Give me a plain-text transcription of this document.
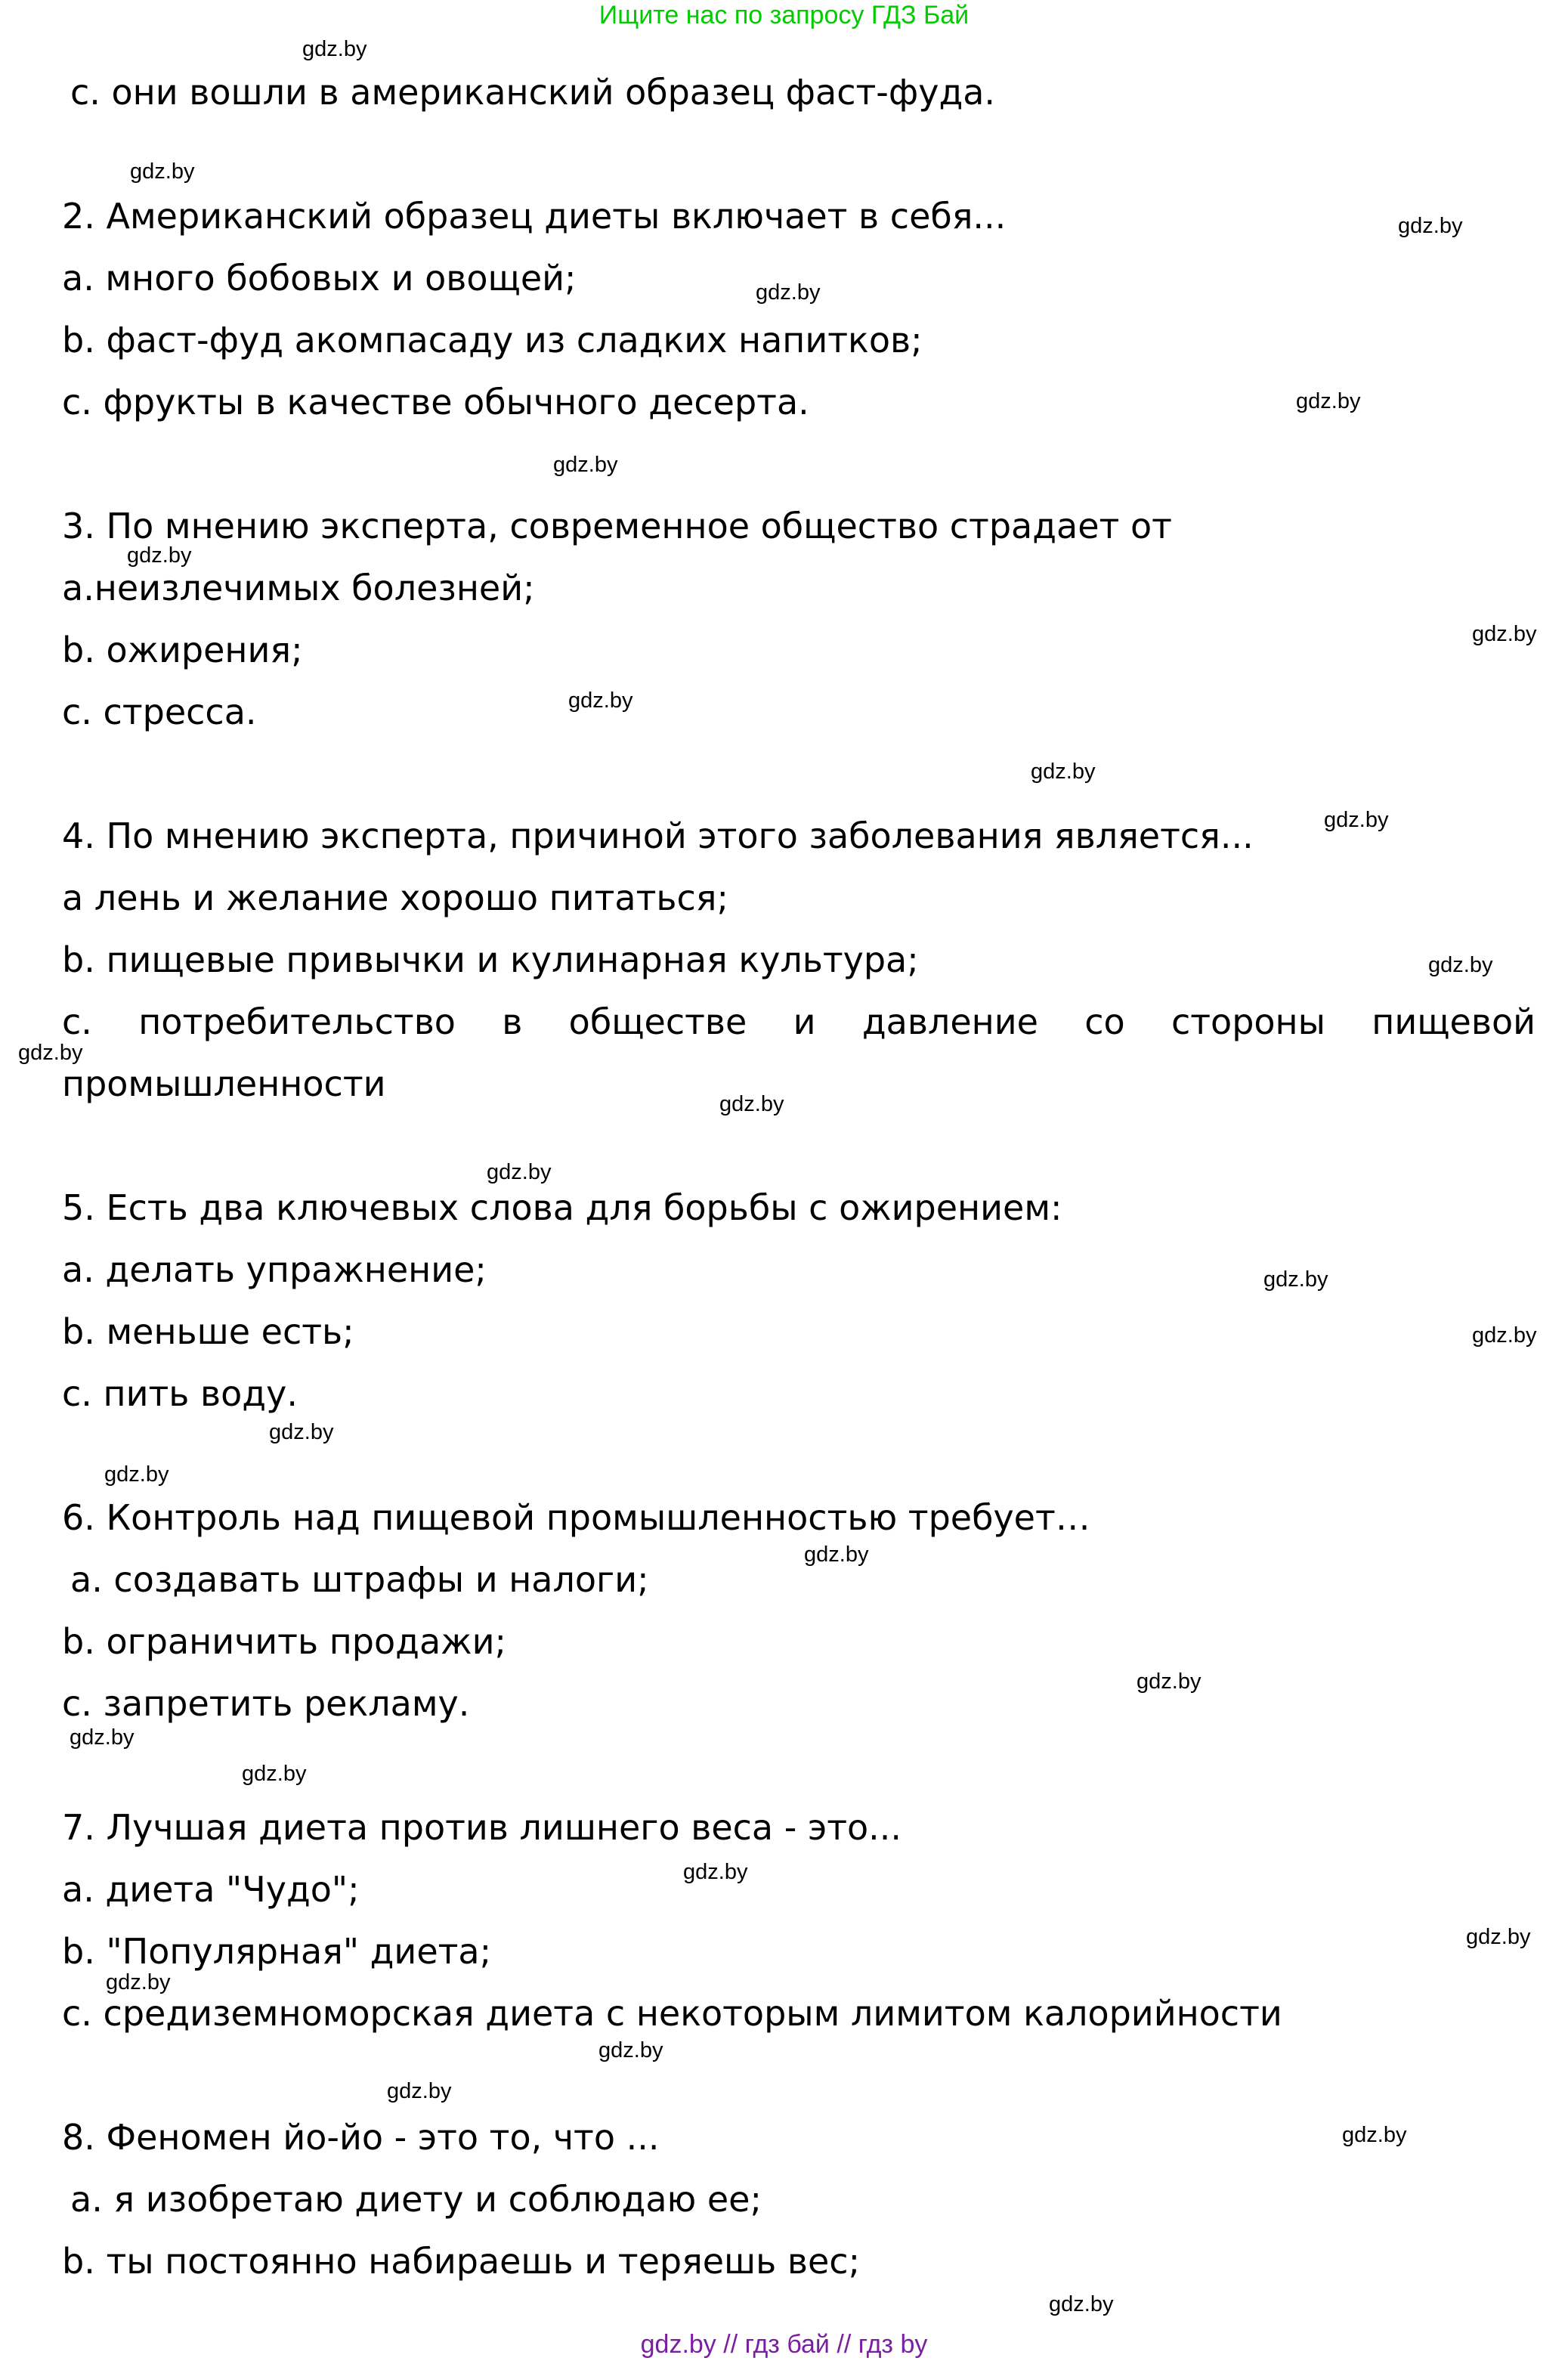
Ищите нас по запросу ГДЗ Бай
c. они вошли в американский образец фаст-фуда.
2. Американский образец диеты включает в себя...
a. много бобовых и овощей;
b. фаст-фуд акомпасаду из сладких напитков;
c. фрукты в качестве обычного десерта.
3. По мнению эксперта, современное общество страдает от
a.неизлечимых болезней;
b. ожирения;
c. стресса.
4. По мнению эксперта, причиной этого заболевания является...
a лень и желание хорошо питаться;
b. пищевые привычки и кулинарная культура;
c. потребительство в обществе и давление со стороны пищевой
промышленности
5. Есть два ключевых слова для борьбы с ожирением:
a. делать упражнение;
b. меньше есть;
c. пить воду.
6. Контроль над пищевой промышленностью требует…
a. создавать штрафы и налоги;
b. ограничить продажи;
c. запретить рекламу.
7. Лучшая диета против лишнего веса - это...
a. диета "Чудо";
b. "Популярная" диета;
c. средиземноморская диета с некоторым лимитом калорийности
8. Феномен йо-йо - это то, что ...
a. я изобретаю диету и соблюдаю ее;
b. ты постоянно набираешь и теряешь вес;
gdz.by
gdz.by
gdz.by
gdz.by
gdz.by
gdz.by
gdz.by
gdz.by
gdz.by
gdz.by
gdz.by
gdz.by
gdz.by
gdz.by
gdz.by
gdz.by
gdz.by
gdz.by
gdz.by
gdz.by
gdz.by
gdz.by
gdz.by
gdz.by
gdz.by
gdz.by
gdz.by
gdz.by
gdz.by
gdz.by
gdz.by // гдз бай // гдз by
